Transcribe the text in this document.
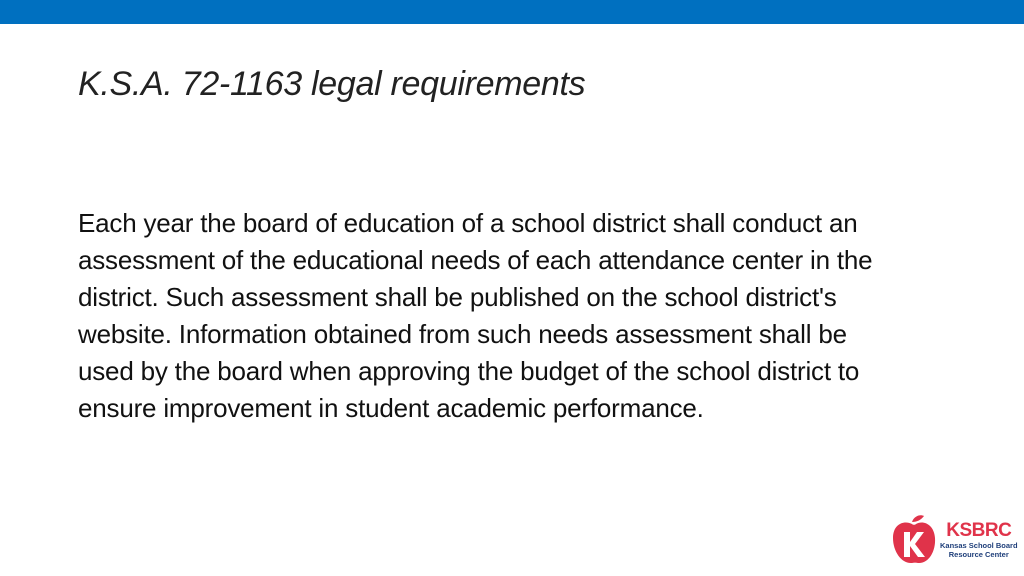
K.S.A. 72-1163 legal requirements

Each year the board of education of a school district shall conduct an assessment of the educational needs of each attendance center in the district. Such assessment shall be published on the school district's website. Information obtained from such needs assessment shall be used by the board when approving the budget of the school district to ensure improvement in student academic performance.

KSBRC
Kansas School Board
Resource Center
